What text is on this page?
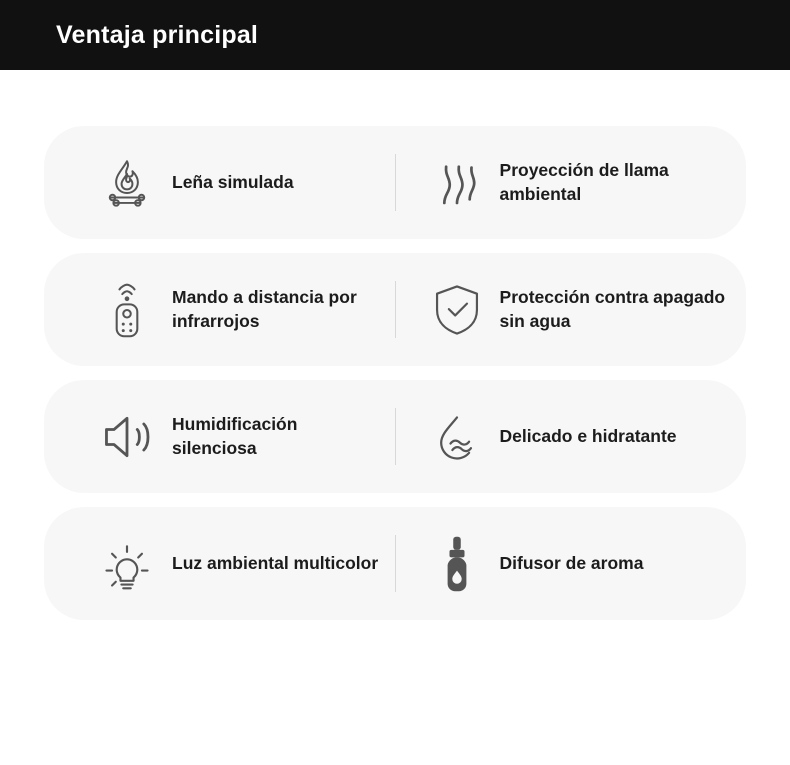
Ventaja principal
Leña simulada
Proyección de llama ambiental
Mando a distancia por infrarrojos
Protección contra apagado sin agua
Humidificación silenciosa
Delicado e hidratante
Luz ambiental multicolor	Difusor de aroma
